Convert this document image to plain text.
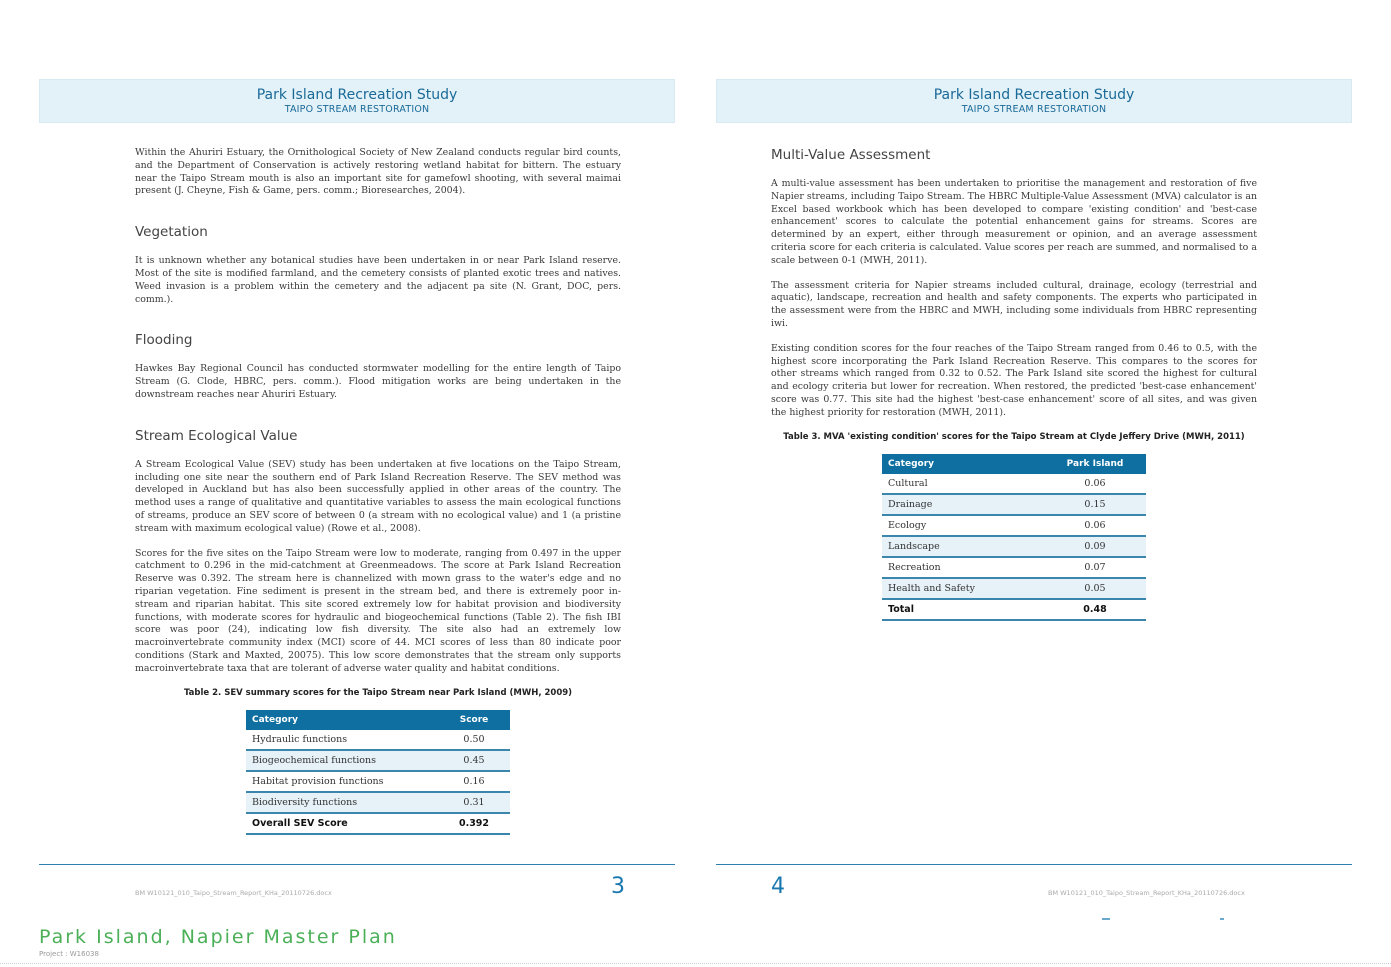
Park Island Recreation Study
TAIPO STREAM RESTORATION

Within the Ahuriri Estuary, the Ornithological Society of New Zealand conducts regular bird counts, and the Department of Conservation is actively restoring wetland habitat for bittern. The estuary near the Taipo Stream mouth is also an important site for gamefowl shooting, with several maimai present (J. Cheyne, Fish & Game, pers. comm.; Bioresearches, 2004).

Vegetation

It is unknown whether any botanical studies have been undertaken in or near Park Island reserve. Most of the site is modified farmland, and the cemetery consists of planted exotic trees and natives. Weed invasion is a problem within the cemetery and the adjacent pa site (N. Grant, DOC, pers. comm.).

Flooding

Hawkes Bay Regional Council has conducted stormwater modelling for the entire length of Taipo Stream (G. Clode, HBRC, pers. comm.). Flood mitigation works are being undertaken in the downstream reaches near Ahuriri Estuary.

Stream Ecological Value

A Stream Ecological Value (SEV) study has been undertaken at five locations on the Taipo Stream, including one site near the southern end of Park Island Recreation Reserve. The SEV method was developed in Auckland but has also been successfully applied in other areas of the country. The method uses a range of qualitative and quantitative variables to assess the main ecological functions of streams, produce an SEV score of between 0 (a stream with no ecological value) and 1 (a pristine stream with maximum ecological value) (Rowe et al., 2008).

Scores for the five sites on the Taipo Stream were low to moderate, ranging from 0.497 in the upper catchment to 0.296 in the mid-catchment at Greenmeadows. The score at Park Island Recreation Reserve was 0.392. The stream here is channelized with mown grass to the water's edge and no riparian vegetation. Fine sediment is present in the stream bed, and there is extremely poor in-stream and riparian habitat. This site scored extremely low for habitat provision and biodiversity functions, with moderate scores for hydraulic and biogeochemical functions (Table 2). The fish IBI score was poor (24), indicating low fish diversity. The site also had an extremely low macroinvertebrate community index (MCI) score of 44. MCI scores of less than 80 indicate poor conditions (Stark and Maxted, 20075). This low score demonstrates that the stream only supports macroinvertebrate taxa that are tolerant of adverse water quality and habitat conditions.

Table 2. SEV summary scores for the Taipo Stream near Park Island (MWH, 2009)
Category	Score
Hydraulic functions	0.50
Biogeochemical functions	0.45
Habitat provision functions	0.16
Biodiversity functions	0.31
Overall SEV Score	0.392
BM W10121_010_Taipo_Stream_Report_KHa_20110726.docx	3
Park Island Recreation Study
TAIPO STREAM RESTORATION
Multi-Value Assessment

A multi-value assessment has been undertaken to prioritise the management and restoration of five Napier streams, including Taipo Stream. The HBRC Multiple-Value Assessment (MVA) calculator is an Excel based workbook which has been developed to compare 'existing condition' and 'best-case enhancement' scores to calculate the potential enhancement gains for streams. Scores are determined by an expert, either through measurement or opinion, and an average assessment criteria score for each criteria is calculated. Value scores per reach are summed, and normalised to a scale between 0-1 (MWH, 2011).

The assessment criteria for Napier streams included cultural, drainage, ecology (terrestrial and aquatic), landscape, recreation and health and safety components. The experts who participated in the assessment were from the HBRC and MWH, including some individuals from HBRC representing iwi.

Existing condition scores for the four reaches of the Taipo Stream ranged from 0.46 to 0.5, with the highest score incorporating the Park Island Recreation Reserve. This compares to the scores for other streams which ranged from 0.32 to 0.52. The Park Island site scored the highest for cultural and ecology criteria but lower for recreation. When restored, the predicted 'best-case enhancement' score was 0.77. This site had the highest 'best-case enhancement' score of all sites, and was given the highest priority for restoration (MWH, 2011).

Table 3. MVA 'existing condition' scores for the Taipo Stream at Clyde Jeffery Drive (MWH, 2011)
Category	Park Island
Cultural	0.06
Drainage	0.15
Ecology	0.06
Landscape	0.09
Recreation	0.07
Health and Safety	0.05
Total	0.48
4	BM W10121_010_Taipo_Stream_Report_KHa_20110726.docx
Park Island, Napier Master Plan
Project : W16038
